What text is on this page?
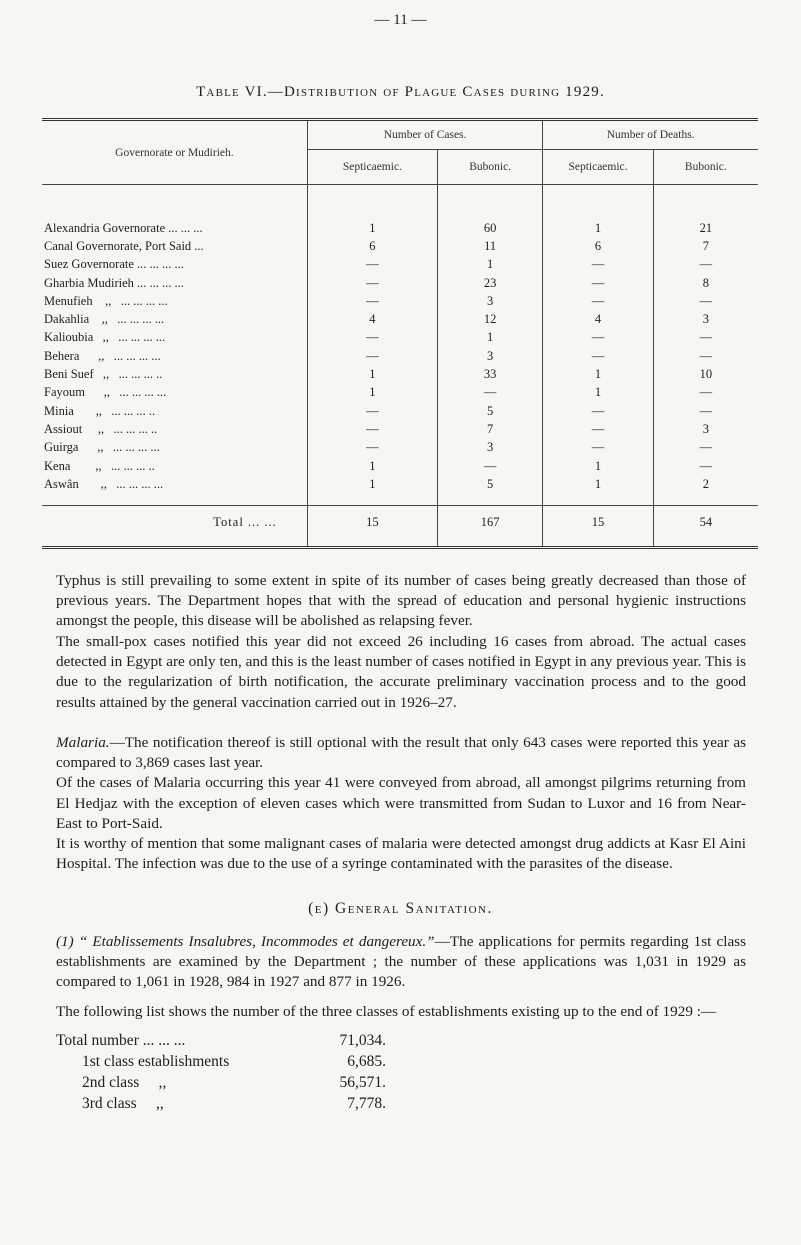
— 11 —
Table VI.—Distribution of Plague Cases during 1929.
Governorate or Mudirieh.	Number of Cases.		Number of Deaths.	
	Septicaemic.	Bubonic.	Septicaemic.	Bubonic.

Alexandria Governorate ... ... ...	1	60	1	21
Canal Governorate, Port Said ...	6	11	6	7
Suez Governorate ... ... ... ...	—	1	—	—
Gharbia Mudirieh ... ... ... ...	—	23	—	8
Menufieh    ,,   ... ... ... ...	—	3	—	—
Dakahlia    ,,   ... ... ... ...	4	12	4	3
Kalioubia   ,,   ... ... ... ...	—	1	—	—
Behera      ,,   ... ... ... ...	—	3	—	—
Beni Suef   ,,   ... ... ... ..	1	33	1	10
Fayoum      ,,   ... ... ... ...	1	—	1	—
Minia       ,,   ... ... ... ..	—	5	—	—
Assiout     ,,   ... ... ... ..	—	7	—	3
Guirga      ,,   ... ... ... ...	—	3	—	—
Kena        ,,   ... ... ... ..	1	—	1	—
Aswân       ,,   ... ... ... ...	1	5	1	2

Total ... ...	15	167	15	54

Typhus is still prevailing to some extent in spite of its number of cases being greatly decreased than those of previous years. The Department hopes that with the spread of education and personal hygienic instructions amongst the people, this disease will be abolished as relapsing fever.

The small-pox cases notified this year did not exceed 26 including 16 cases from abroad. The actual cases detected in Egypt are only ten, and this is the least number of cases notified in Egypt in any previous year. This is due to the regularization of birth notification, the accurate preliminary vaccination process and to the good results attained by the general vaccination carried out in 1926–27.

Malaria.—The notification thereof is still optional with the result that only 643 cases were reported this year as compared to 3,869 cases last year.

Of the cases of Malaria occurring this year 41 were conveyed from abroad, all amongst pilgrims returning from El Hedjaz with the exception of eleven cases which were transmitted from Sudan to Luxor and 16 from Near-East to Port-Said.

It is worthy of mention that some malignant cases of malaria were detected amongst drug addicts at Kasr El Aini Hospital. The infection was due to the use of a syringe contaminated with the parasites of the disease.

(e) General Sanitation.

(1) “ Etablissements Insalubres, Incommodes et dangereux.”—The applications for permits regarding 1st class establishments are examined by the Department ; the number of these applications was 1,031 in 1929 as compared to 1,061 in 1928, 984 in 1927 and 877 in 1926.

The following list shows the number of the three classes of establishments existing up to the end of 1929 :—

Total number ... ... ...	71,034.
1st class establishments	6,685.
2nd class     ,,	56,571.
3rd class     ,,	7,778.
